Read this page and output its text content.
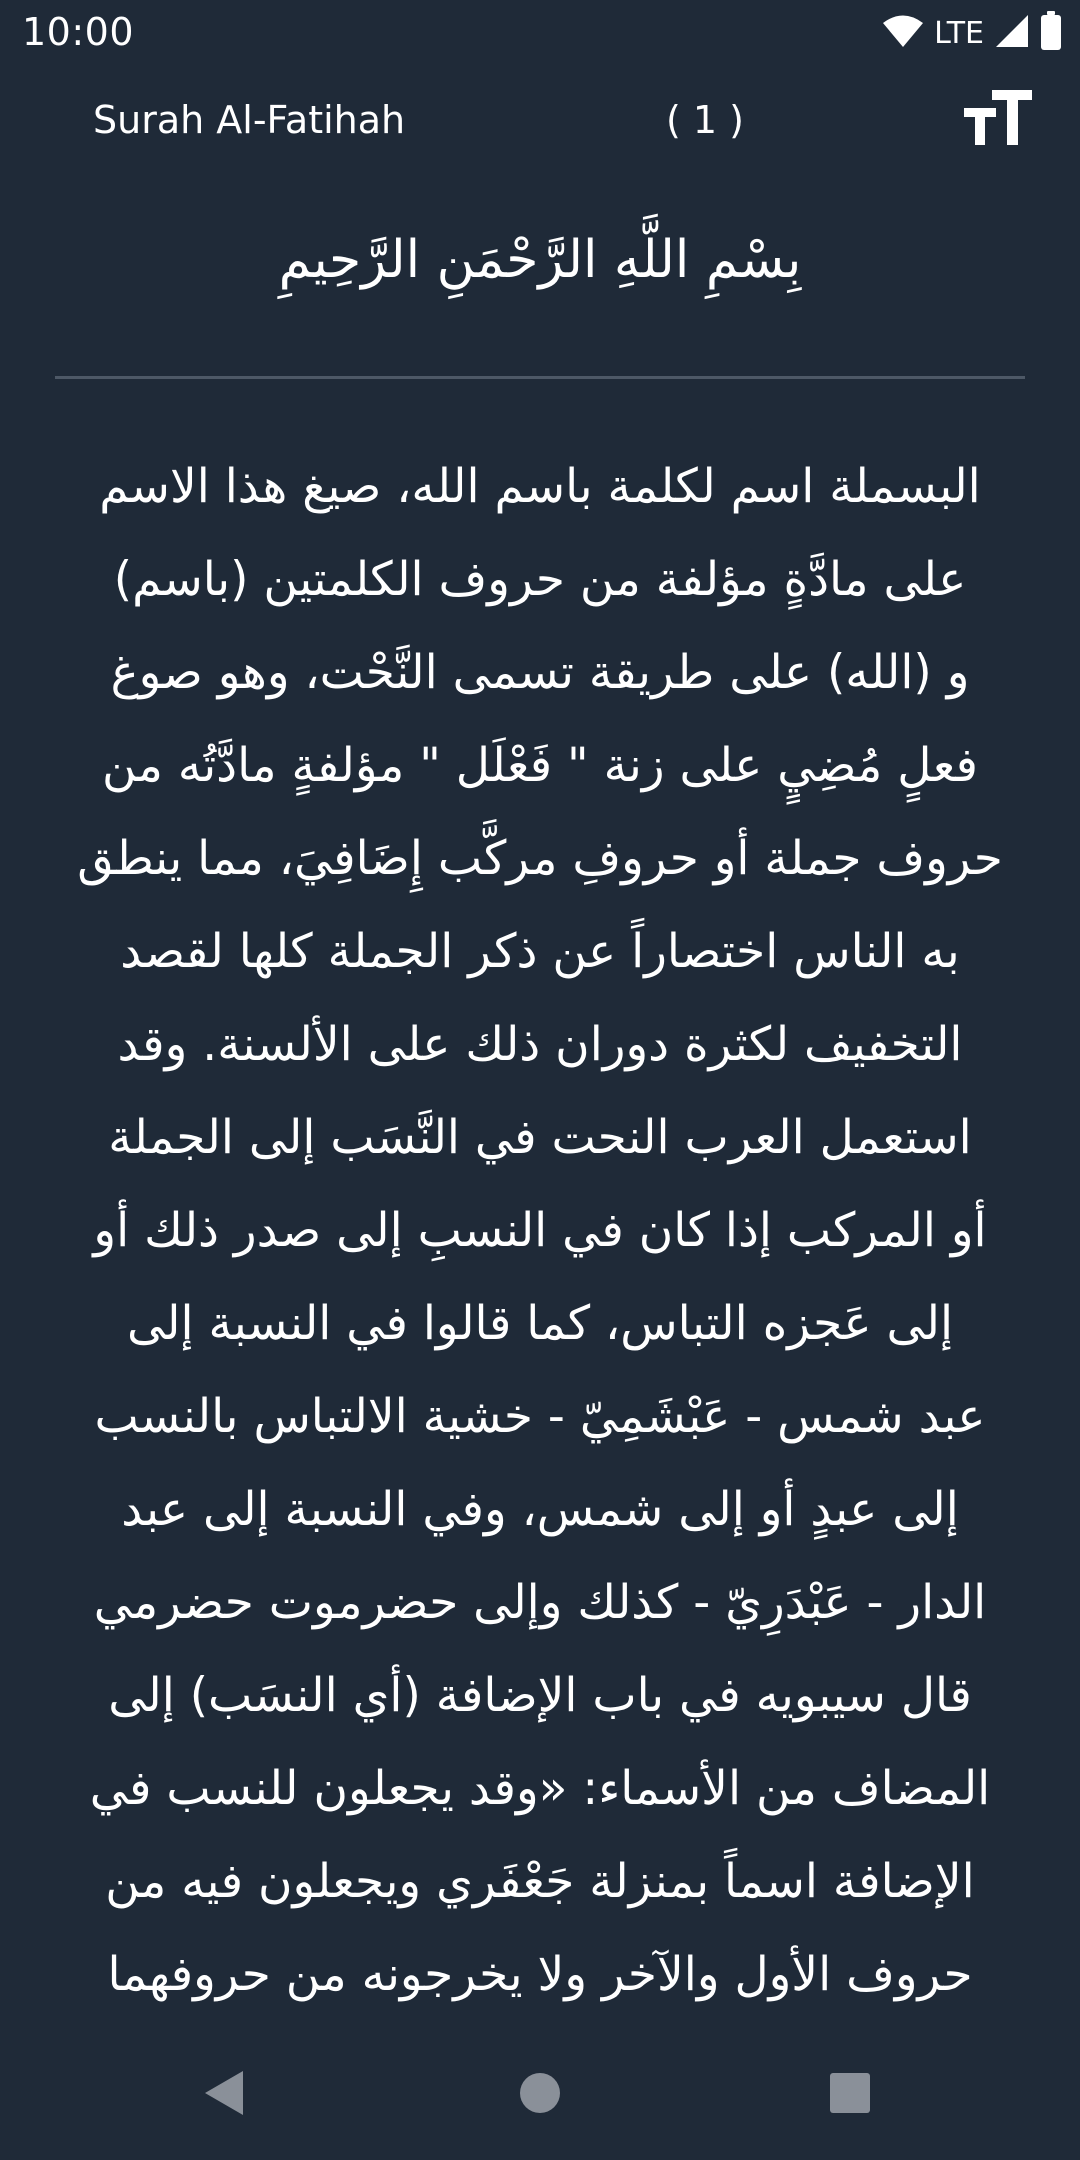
10:00	LTE
Surah Al-Fatihah	( 1 )
بِسْمِ اللَّهِ الرَّحْمَنِ الرَّحِيمِ
البسملة اسم لكلمة باسم الله، صيغ هذا الاسم
على مادَّةٍ مؤلفة من حروف الكلمتين (باسم)
و (الله) على طريقة تسمى النَّحْت، وهو صوغ
فعلٍ مُضِيٍ على زنة " فَعْلَل " مؤلفةٍ مادَّتُه من
حروف جملة أو حروفِ مركَّب إِضَافِيَ، مما ينطق
به الناس اختصاراً عن ذكر الجملة كلها لقصد
التخفيف لكثرة دوران ذلك على الألسنة. وقد
استعمل العرب النحت في النَّسَب إلى الجملة
أو المركب إذا كان في النسبِ إلى صدر ذلك أو
إلى عَجزه التباس، كما قالوا في النسبة إلى
عبد شمس - عَبْشَمِيّ - خشية الالتباس بالنسب
إلى عبدٍ أو إلى شمس، وفي النسبة إلى عبد
الدار - عَبْدَرِيّ - كذلك وإلى حضرموت حضرمي
قال سيبويه في باب الإضافة (أي النسَب) إلى
المضاف من الأسماء: «وقد يجعلون للنسب في
الإضافة اسماً بمنزلة جَعْفَري ويجعلون فيه من
حروف الأول والآخر ولا يخرجونه من حروفهما
